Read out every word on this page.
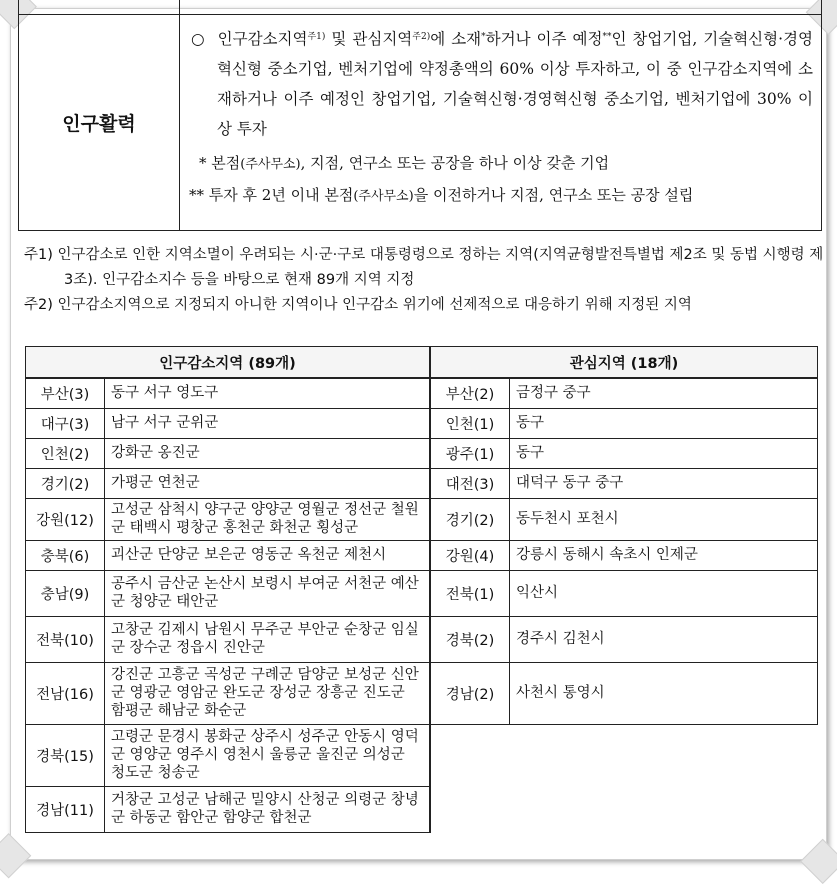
인구활력
○ 인구감소지역$^{주1)}$ 및 관심지역$^{주2)}$에 소재*하거나 이주 예정**인 창업기업, 기술혁신형·경영혁신형 중소기업, 벤처기업에 약정총액의 60% 이상 투자하고, 이 중 인구감소지역에 소재하거나 이주 예정인 창업기업, 기술혁신형·경영혁신형 중소기업, 벤처기업에 30% 이상 투자
* 본점(주사무소), 지점, 연구소 또는 공장을 하나 이상 갖춘 기업
** 투자 후 2년 이내 본점(주사무소)을 이전하거나 지점, 연구소 또는 공장 설립
주1) 인구감소로 인한 지역소멸이 우려되는 시·군·구로 대통령령으로 정하는 지역(지역균형발전특별법 제2조 및 동법 시행령 제3조). 인구감소지수 등을 바탕으로 현재 89개 지역 지정
주2) 인구감소지역으로 지정되지 아니한 지역이나 인구감소 위기에 선제적으로 대응하기 위해 지정된 지역
인구감소지역 (89개)		관심지역 (18개)	
부산(3)	동구 서구 영도구	부산(2)	금정구 중구
대구(3)	남구 서구 군위군	인천(1)	동구
인천(2)	강화군 옹진군	광주(1)	동구
경기(2)	가평군 연천군	대전(3)	대덕구 동구 중구
강원(12)	고성군 삼척시 양구군 양양군 영월군 정선군 철원군 태백시 평창군 홍천군 화천군 횡성군	경기(2)	동두천시 포천시
충북(6)	괴산군 단양군 보은군 영동군 옥천군 제천시	강원(4)	강릉시 동해시 속초시 인제군
충남(9)	공주시 금산군 논산시 보령시 부여군 서천군 예산군 청양군 태안군	전북(1)	익산시
전북(10)	고창군 김제시 남원시 무주군 부안군 순창군 임실군 장수군 정읍시 진안군	경북(2)	경주시 김천시
전남(16)	강진군 고흥군 곡성군 구례군 담양군 보성군 신안군 영광군 영암군 완도군 장성군 장흥군 진도군 함평군 해남군 화순군	경남(2)	사천시 통영시
경북(15)	고령군 문경시 봉화군 상주시 성주군 안동시 영덕군 영양군 영주시 영천시 울릉군 울진군 의성군 청도군 청송군		
경남(11)	거창군 고성군 남해군 밀양시 산청군 의령군 창녕군 하동군 함안군 함양군 합천군		
